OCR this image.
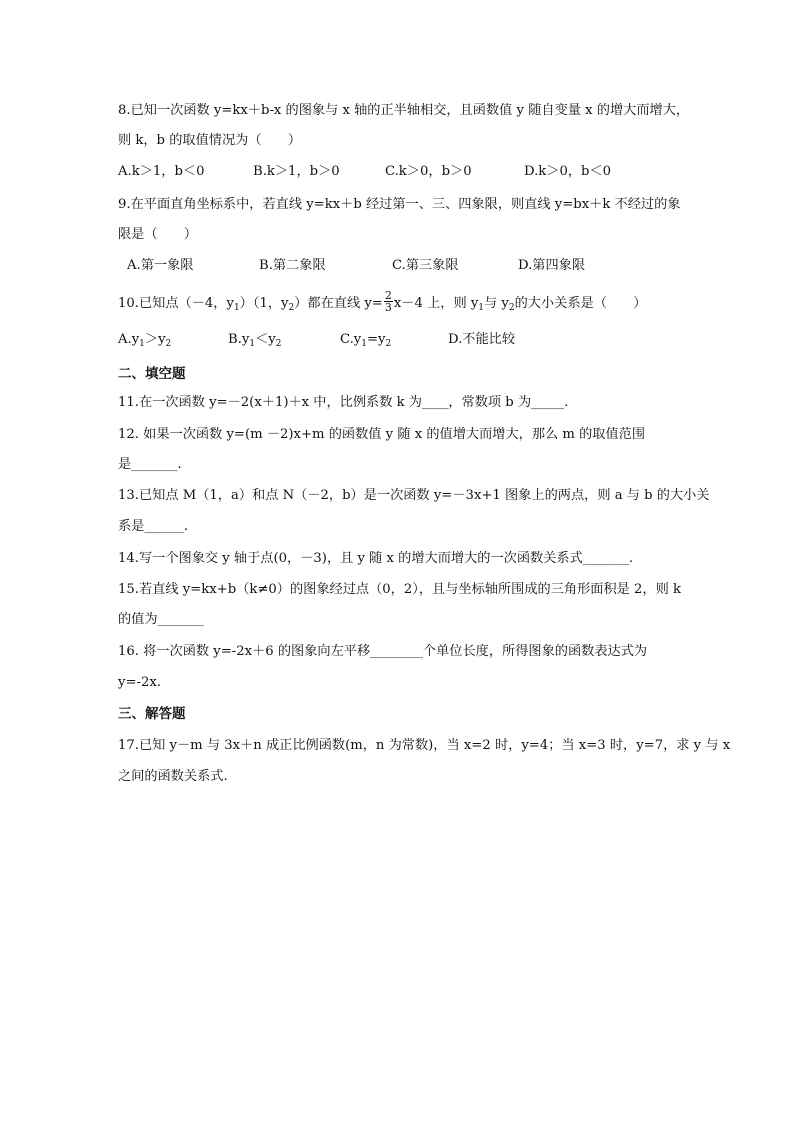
8.已知一次函数 y=kx＋b-x 的图象与 x 轴的正半轴相交，且函数值 y 随自变量 x 的增大而增大，
则 k，b 的取值情况为（　　）
A.k＞1，b＜0	B.k＞1，b＞0	C.k＞0，b＞0	D.k＞0，b＜0
9.在平面直角坐标系中，若直线 y=kx＋b 经过第一、三、四象限，则直线 y=bx＋k 不经过的象
限是（　　）
A.第一象限	B.第二象限	C.第三象限	D.第四象限
10.已知点（－4，$y_1)(1$，$y_2$）都在直线 $y= \frac{2}{3} x-4$ 上，则 $y_1$与 $y_2$的大小关系是（　　）
$A.y_1>y_2$	$B.y_1<y_2$	$C.y_1=y_2$	D.不能比较
二、填空题
11.在一次函数 y=－2(x＋1)＋x 中，比例系数 k 为____，常数项 b 为_____.
12. 如果一次函数 y=(m －2)x+m 的函数值 y 随 x 的值增大而增大，那么 m 的取值范围
是_______.
13.已知点 M（1，a）和点 N（－2，b）是一次函数 y=－3x+1 图象上的两点，则 a 与 b 的大小关
系是______.
14.写一个图象交 y 轴于点(0，－3)，且 y 随 x 的增大而增大的一次函数关系式_______.
15.若直线 y=kx+b（k≠0）的图象经过点（0，2），且与坐标轴所围成的三角形面积是 2，则 k
的值为_______
16. 将一次函数 y=-2x＋6 的图象向左平移________个单位长度，所得图象的函数表达式为
y=-2x.
三、解答题
17.已知 y－m 与 3x＋n 成正比例函数(m，n 为常数)，当 x=2 时，y=4；当 x=3 时，y=7，求 y 与 x
之间的函数关系式.
